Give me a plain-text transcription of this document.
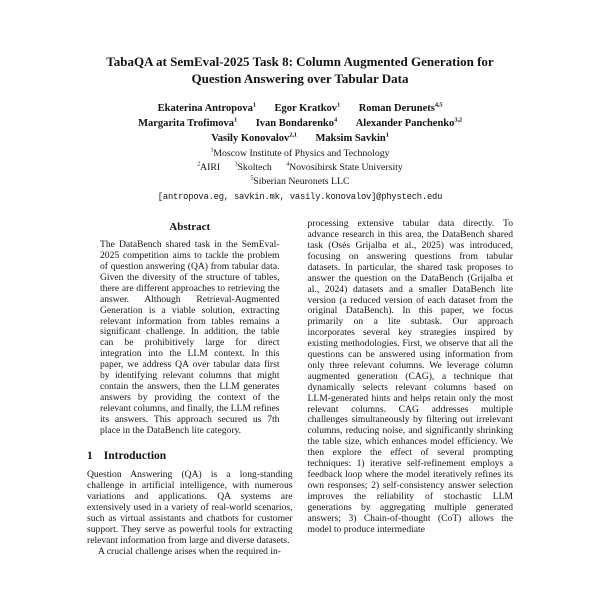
TabaQA at SemEval-2025 Task 8: Column Augmented Generation for Question Answering over Tabular Data
Ekaterina Antropova$^1$ Egor Kratkov$^1$ Roman Derunets$^{4,5}$
Margarita Trofimova$^1$ Ivan Bondarenko$^4$ Alexander Panchenko$^{3,2}$
Vasily Konovalov$^{2,1}$ Maksim Savkin$^1$
$^1$Moscow Institute of Physics and Technology
$^2$AIRI $^3$Skoltech $^4$Novosibirsk State University
$^5$Siberian Neuronets LLC
[antropova.eg, savkin.mk, vasily.konovalov]@phystech.edu
Abstract

The DataBench shared task in the SemEval-2025 competition aims to tackle the problem of question answering (QA) from tabular data. Given the diversity of the structure of tables, there are different approaches to retrieving the answer. Although Retrieval-Augmented Generation is a viable solution, extracting relevant information from tables remains a significant challenge. In addition, the table can be prohibitively large for direct integration into the LLM context. In this paper, we address QA over tabular data first by identifying relevant columns that might contain the answers, then the LLM generates answers by providing the context of the relevant columns, and finally, the LLM refines its answers. This approach secured us 7th place in the DataBench lite category.

1 Introduction

Question Answering (QA) is a long-standing challenge in artificial intelligence, with numerous variations and applications. QA systems are extensively used in a variety of real-world scenarios, such as virtual assistants and chatbots for customer support. They serve as powerful tools for extracting relevant information from large and diverse datasets.

A crucial challenge arises when the required in-

processing extensive tabular data directly. To advance research in this area, the DataBench shared task (Osés Grijalba et al., 2025) was introduced, focusing on answering questions from tabular datasets. In particular, the shared task proposes to answer the question on the DataBench (Grijalba et al., 2024) datasets and a smaller DataBench lite version (a reduced version of each dataset from the original DataBench). In this paper, we focus primarily on a lite subtask. Our approach incorporates several key strategies inspired by existing methodologies. First, we observe that all the questions can be answered using information from only three relevant columns. We leverage column augmented generation (CAG), a technique that dynamically selects relevant columns based on LLM-generated hints and helps retain only the most relevant columns. CAG addresses multiple challenges simultaneously by filtering out irrelevant columns, reducing noise, and significantly shrinking the table size, which enhances model efficiency. We then explore the effect of several prompting techniques: 1) iterative self-refinement employs a feedback loop where the model iteratively refines its own responses; 2) self-consistency answer selection improves the reliability of stochastic LLM generations by aggregating multiple generated answers; 3) Chain-of-thought (CoT) allows the model to produce intermediate
